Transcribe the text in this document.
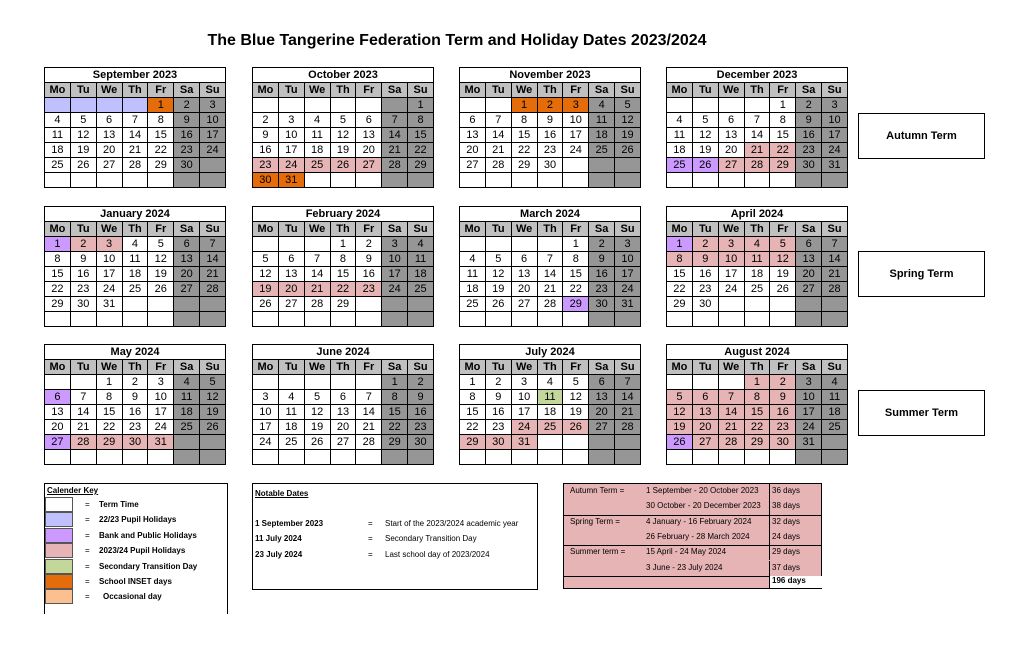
The Blue Tangerine Federation Term and Holiday Dates 2023/2024
September 2023						
Mo	Tu	We	Th	Fr	Sa	Su
				1	2	3
4	5	6	7	8	9	10
11	12	13	14	15	16	17
18	19	20	21	22	23	24
25	26	27	28	29	30	

October 2023						
Mo	Tu	We	Th	Fr	Sa	Su
						1
2	3	4	5	6	7	8
9	10	11	12	13	14	15
16	17	18	19	20	21	22
23	24	25	26	27	28	29
30	31					
November 2023						
Mo	Tu	We	Th	Fr	Sa	Su
		1	2	3	4	5
6	7	8	9	10	11	12
13	14	15	16	17	18	19
20	21	22	23	24	25	26
27	28	29	30			

December 2023						
Mo	Tu	We	Th	Fr	Sa	Su
				1	2	3
4	5	6	7	8	9	10
11	12	13	14	15	16	17
18	19	20	21	22	23	24
25	26	27	28	29	30	31

January 2024						
Mo	Tu	We	Th	Fr	Sa	Su
1	2	3	4	5	6	7
8	9	10	11	12	13	14
15	16	17	18	19	20	21
22	23	24	25	26	27	28
29	30	31				

February 2024						
Mo	Tu	We	Th	Fr	Sa	Su
			1	2	3	4
5	6	7	8	9	10	11
12	13	14	15	16	17	18
19	20	21	22	23	24	25
26	27	28	29			

March 2024						
Mo	Tu	We	Th	Fr	Sa	Su
				1	2	3
4	5	6	7	8	9	10
11	12	13	14	15	16	17
18	19	20	21	22	23	24
25	26	27	28	29	30	31

April 2024						
Mo	Tu	We	Th	Fr	Sa	Su
1	2	3	4	5	6	7
8	9	10	11	12	13	14
15	16	17	18	19	20	21
22	23	24	25	26	27	28
29	30					

May 2024						
Mo	Tu	We	Th	Fr	Sa	Su
		1	2	3	4	5
6	7	8	9	10	11	12
13	14	15	16	17	18	19
20	21	22	23	24	25	26
27	28	29	30	31		

June 2024						
Mo	Tu	We	Th	Fr	Sa	Su
					1	2
3	4	5	6	7	8	9
10	11	12	13	14	15	16
17	18	19	20	21	22	23
24	25	26	27	28	29	30

July 2024						
Mo	Tu	We	Th	Fr	Sa	Su
1	2	3	4	5	6	7
8	9	10	11	12	13	14
15	16	17	18	19	20	21
22	23	24	25	26	27	28
29	30	31				

August 2024						
Mo	Tu	We	Th	Fr	Sa	Su
			1	2	3	4
5	6	7	8	9	10	11
12	13	14	15	16	17	18
19	20	21	22	23	24	25
26	27	28	29	30	31	

Autumn Term
Spring Term
Summer Term
Calender Key
= Term Time
= 22/23 Pupil Holidays
= Bank and Public Holidays
= 2023/24 Pupil Holidays
= Secondary Transition Day
= School INSET days
= Occasional day
Notable Dates
1 September 2023	= Start of the 2023/2024 academic year
11 July 2024	= Secondary Transition Day
23 July 2024	= Last school day of 2023/2024
Autumn Term =	1 September - 20 October 2023	36 days
30 October - 20 December 2023	38 days
Spring Term =	4 January - 16 February 2024	32 days
26 February - 28 March 2024	24 days
Summer term =	15 April - 24 May 2024	29 days
3 June - 23 July 2024	37 days
196 days
